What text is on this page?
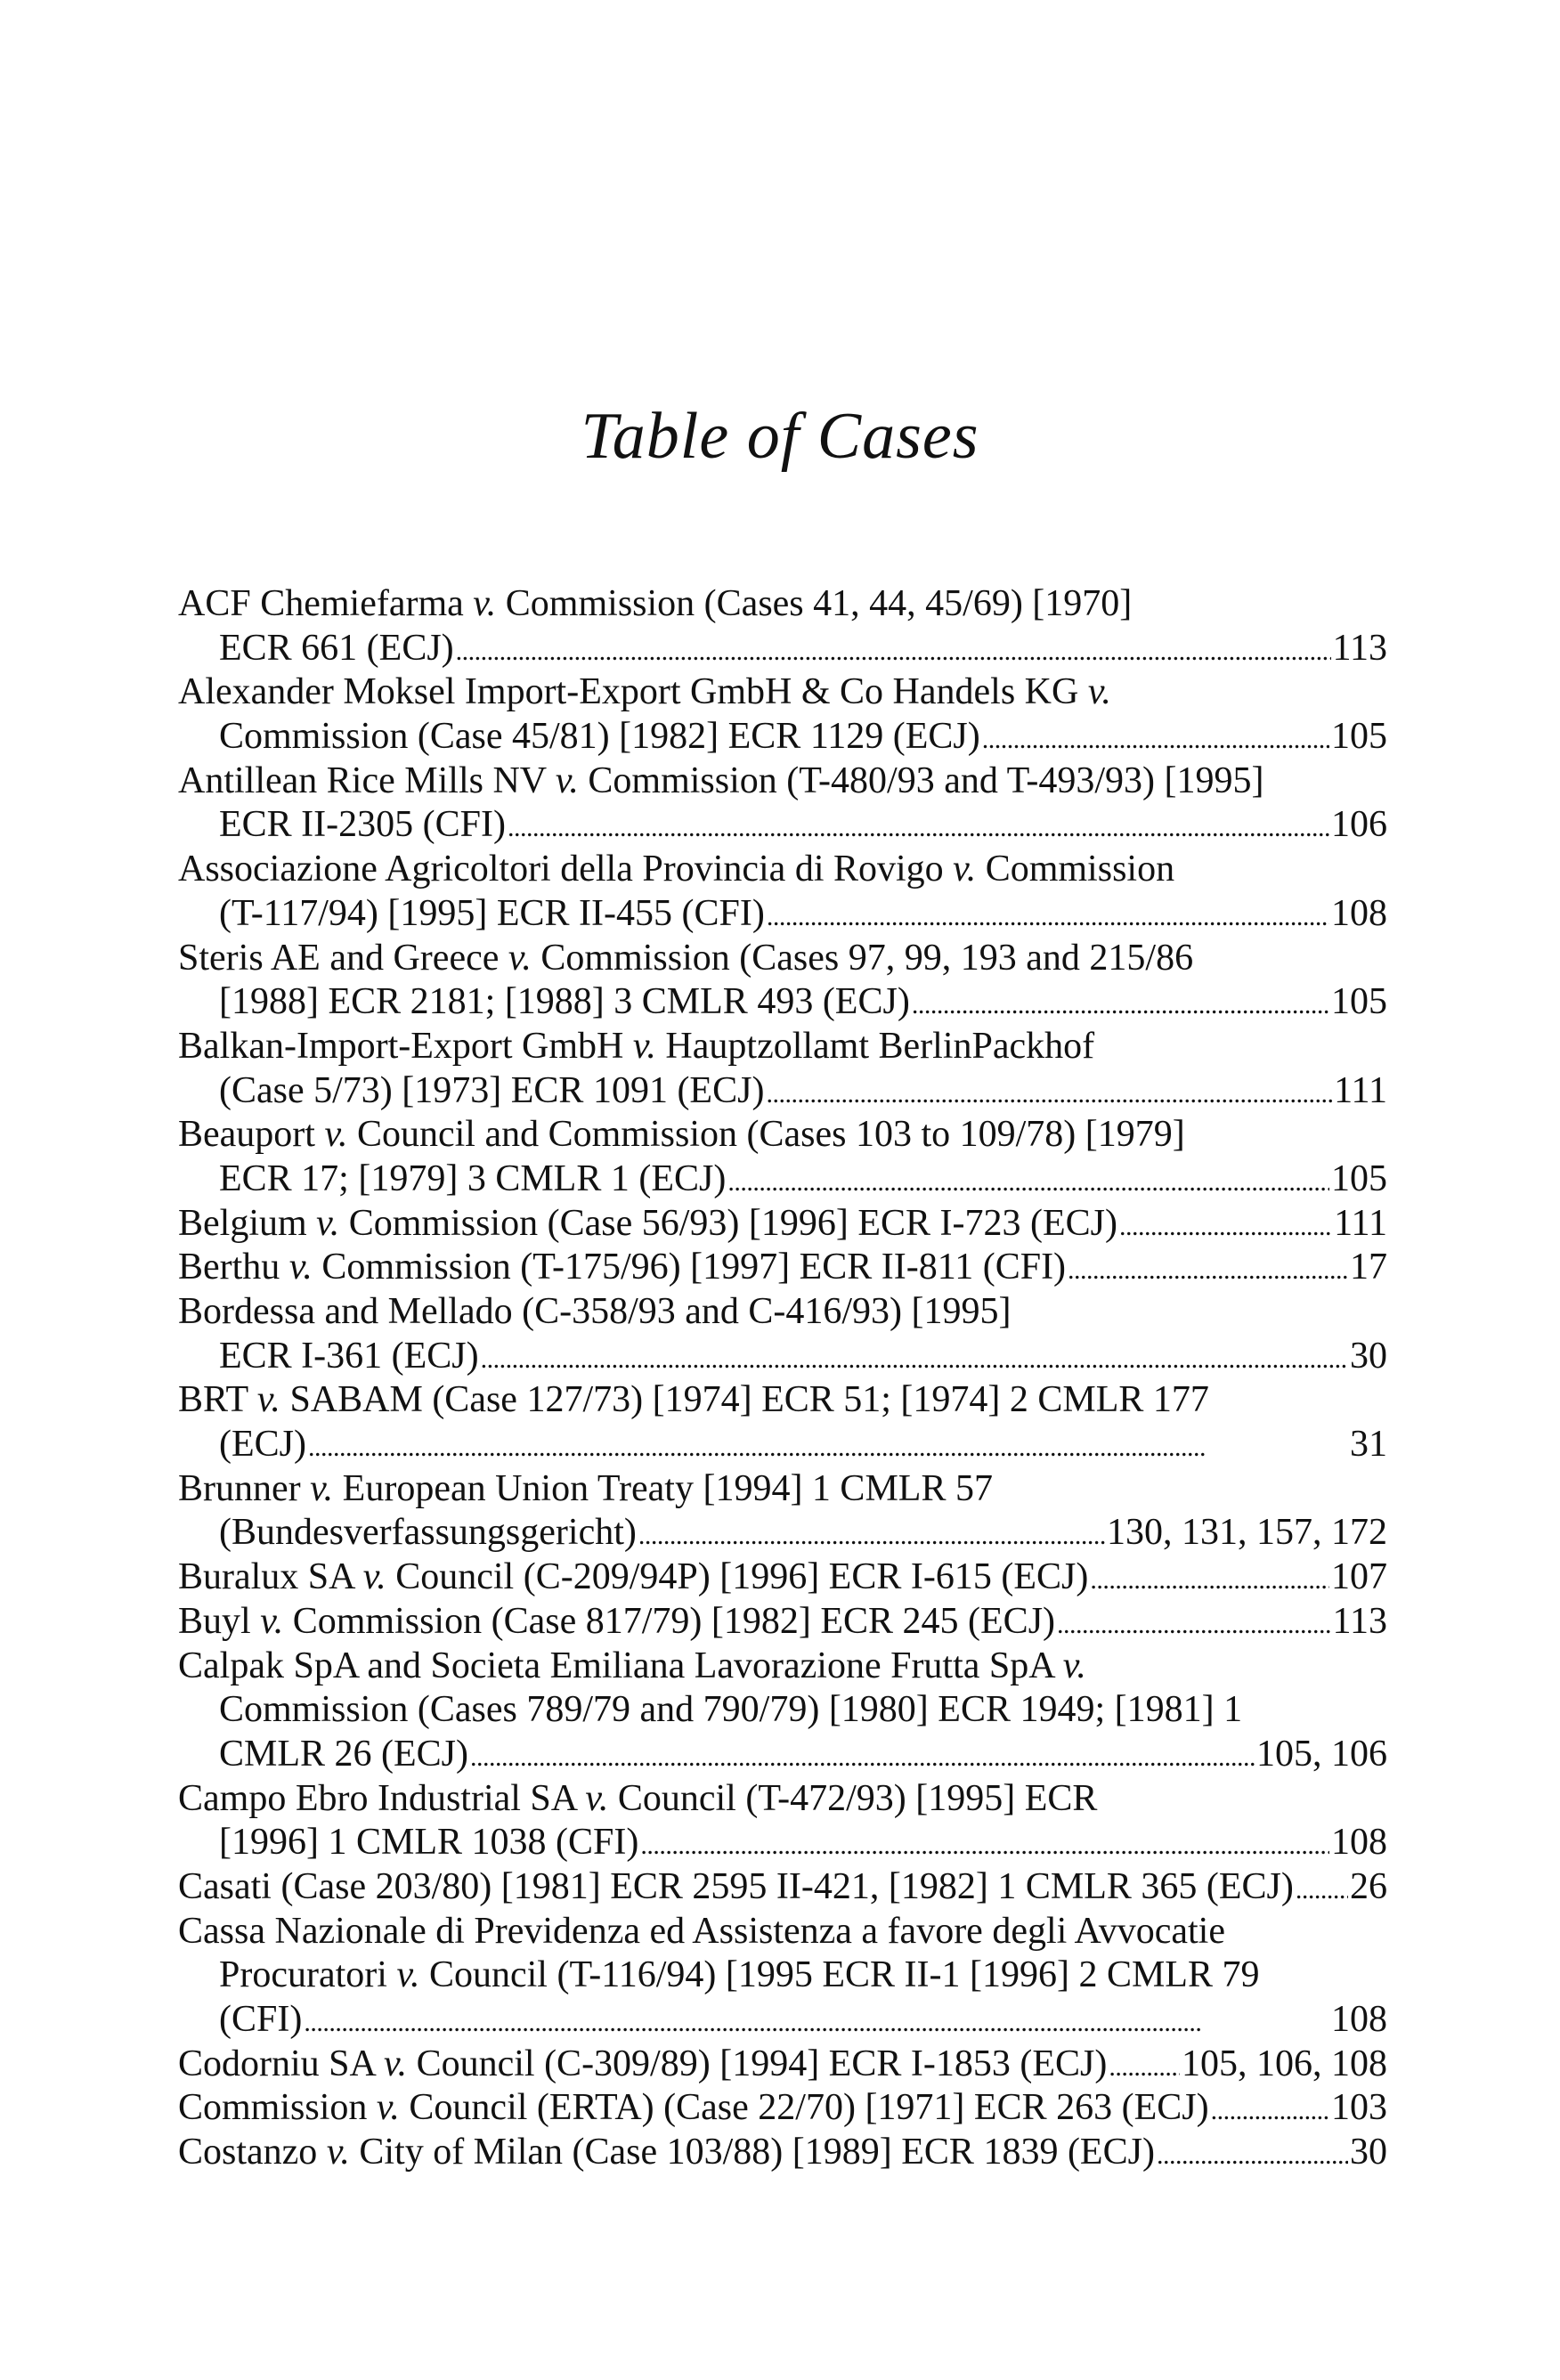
Table of Cases
ACF Chemiefarma v. Commission (Cases 41, 44, 45/69) [1970]
ECR 661 (ECJ) . . .	113
Alexander Moksel Import-Export GmbH & Co Handels KG v.
Commission (Case 45/81) [1982] ECR 1129 (ECJ) . . .	105
Antillean Rice Mills NV v. Commission (T-480/93 and T-493/93) [1995]
ECR II-2305 (CFI) . . .	106
Associazione Agricoltori della Provincia di Rovigo v. Commission
(T-117/94) [1995] ECR II-455 (CFI) . . .	108
Steris AE and Greece v. Commission (Cases 97, 99, 193 and 215/86
[1988] ECR 2181; [1988] 3 CMLR 493 (ECJ) . . .	105
Balkan-Import-Export GmbH v. Hauptzollamt BerlinPackhof
(Case 5/73) [1973] ECR 1091 (ECJ) . . .	111
Beauport v. Council and Commission (Cases 103 to 109/78) [1979]
ECR 17; [1979] 3 CMLR 1 (ECJ) . . .	105
Belgium v. Commission (Case 56/93) [1996] ECR I-723 (ECJ) . . .	111
Berthu v. Commission (T-175/96) [1997] ECR II-811 (CFI) . . .	17
Bordessa and Mellado (C-358/93 and C-416/93) [1995]
ECR I-361 (ECJ) . . .	30
BRT v. SABAM (Case 127/73) [1974] ECR 51; [1974] 2 CMLR 177
(ECJ) . . .	31
Brunner v. European Union Treaty [1994] 1 CMLR 57
(Bundesverfassungsgericht) . . .	130, 131, 157, 172
Buralux SA v. Council (C-209/94P) [1996] ECR I-615 (ECJ) . . .	107
Buyl v. Commission (Case 817/79) [1982] ECR 245 (ECJ) . . .	113
Calpak SpA and Societa Emiliana Lavorazione Frutta SpA v.
Commission (Cases 789/79 and 790/79) [1980] ECR 1949; [1981] 1
CMLR 26 (ECJ) . . .	105, 106
Campo Ebro Industrial SA v. Council (T-472/93) [1995] ECR
[1996] 1 CMLR 1038 (CFI) . . .	108
Casati (Case 203/80) [1981] ECR 2595 II-421, [1982] 1 CMLR 365 (ECJ) . . . 26
Cassa Nazionale di Previdenza ed Assistenza a favore degli Avvocatie
Procuratori v. Council (T-116/94) [1995 ECR II-1 [1996] 2 CMLR 79
(CFI) . . .	108
Codorniu SA v. Council (C-309/89) [1994] ECR I-1853 (ECJ) . . . 105, 106, 108
Commission v. Council (ERTA) (Case 22/70) [1971] ECR 263 (ECJ) . . .	103
Costanzo v. City of Milan (Case 103/88) [1989] ECR 1839 (ECJ) . . .	30
